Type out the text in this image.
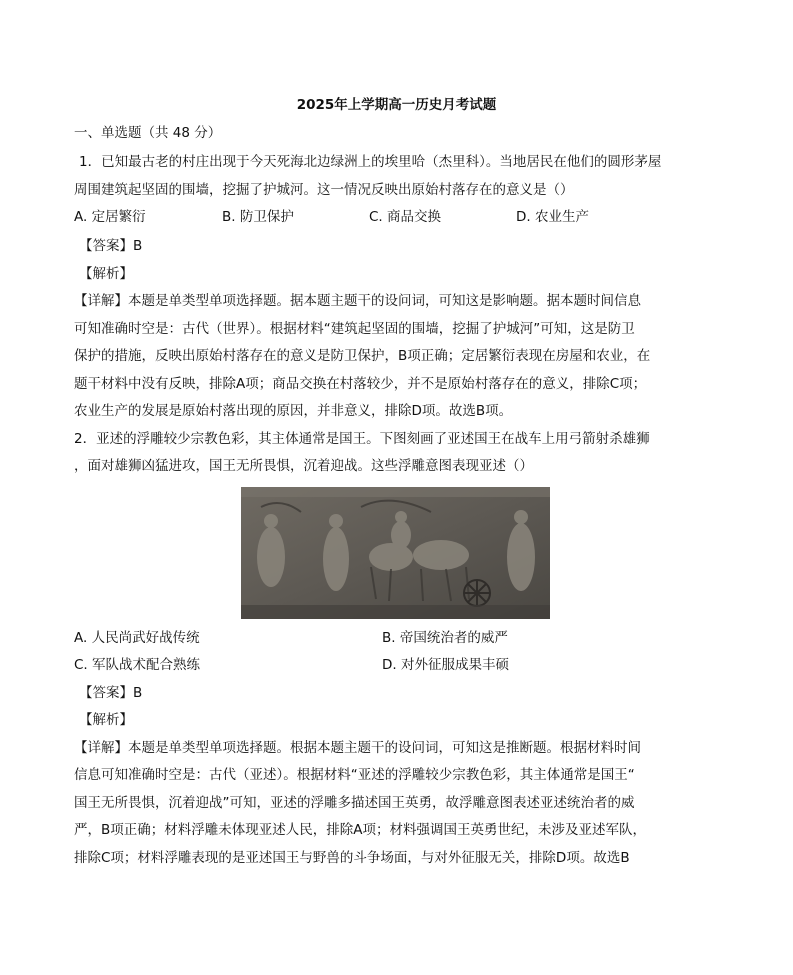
2025年上学期高一历史月考试题
一、单选题（共 48 分）
1．已知最古老的村庄出现于今天死海北边绿洲上的埃里哈（杰里科）。当地居民在他们的圆形茅屋
周围建筑起坚固的围墙，挖掘了护城河。这一情况反映出原始村落存在的意义是（）
A. 定居繁衍	B. 防卫保护	C. 商品交换	D. 农业生产
【答案】B
【解析】
【详解】本题是单类型单项选择题。据本题主题干的设问词，可知这是影响题。据本题时间信息
可知准确时空是：古代（世界）。根据材料“建筑起坚固的围墙，挖掘了护城河”可知，这是防卫
保护的措施，反映出原始村落存在的意义是防卫保护，B项正确；定居繁衍表现在房屋和农业，在
题干材料中没有反映，排除A项；商品交换在村落较少，并不是原始村落存在的意义，排除C项；
农业生产的发展是原始村落出现的原因，并非意义，排除D项。故选B项。
2．亚述的浮雕较少宗教色彩，其主体通常是国王。下图刻画了亚述国王在战车上用弓箭射杀雄狮
，面对雄狮凶猛进攻，国王无所畏惧，沉着迎战。这些浮雕意图表现亚述（）
A. 人民尚武好战传统	B. 帝国统治者的威严
C. 军队战术配合熟练	D. 对外征服成果丰硕
【答案】B
【解析】
【详解】本题是单类型单项选择题。根据本题主题干的设问词，可知这是推断题。根据材料时间
信息可知准确时空是：古代（亚述）。根据材料“亚述的浮雕较少宗教色彩，其主体通常是国王“
国王无所畏惧，沉着迎战”可知，亚述的浮雕多描述国王英勇，故浮雕意图表述亚述统治者的威
严，B项正确；材料浮雕未体现亚述人民，排除A项；材料强调国王英勇世纪，未涉及亚述军队，
排除C项；材料浮雕表现的是亚述国王与野兽的斗争场面，与对外征服无关，排除D项。故选B
